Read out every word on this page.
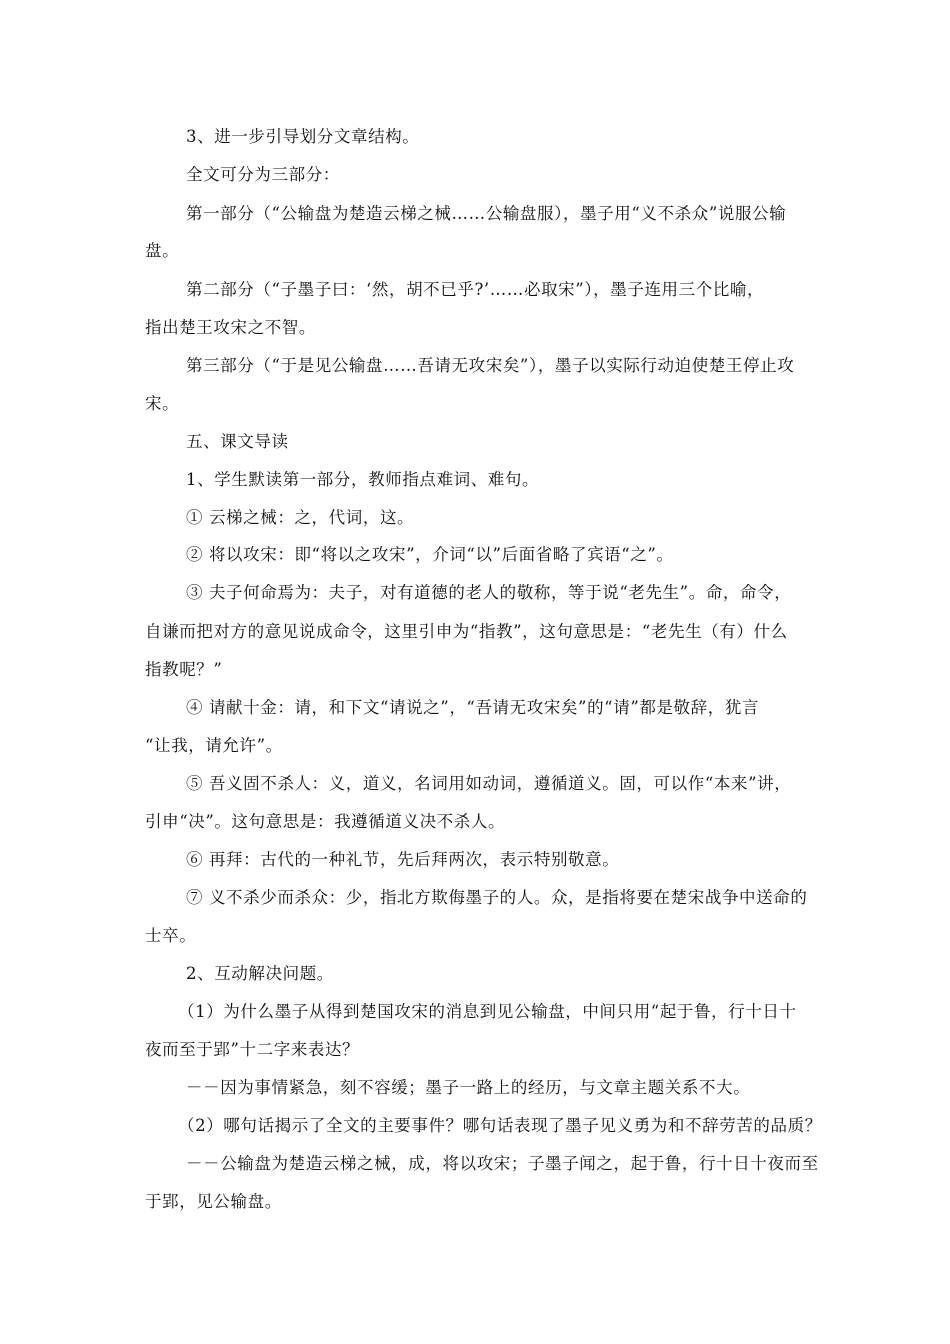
3、进一步引导划分文章结构。
全文可分为三部分：
第一部分（“公输盘为楚造云梯之械……公输盘服），墨子用“义不杀众”说服公输
盘。
第二部分（“子墨子曰：‘然，胡不已乎?’……必取宋”），墨子连用三个比喻，
指出楚王攻宋之不智。
第三部分（“于是见公输盘……吾请无攻宋矣”），墨子以实际行动迫使楚王停止攻
宋。
五、课文导读
1、学生默读第一部分，教师指点难词、难句。
① 云梯之械：之，代词，这。
② 将以攻宋：即“将以之攻宋”，介词“以”后面省略了宾语“之”。
③ 夫子何命焉为：夫子，对有道德的老人的敬称，等于说“老先生”。命，命令，
自谦而把对方的意见说成命令，这里引申为“指教”，这句意思是：“老先生（有）什么
指教呢？”
④ 请献十金：请，和下文“请说之”，“吾请无攻宋矣”的“请”都是敬辞，犹言
“让我，请允许”。
⑤ 吾义固不杀人：义，道义，名词用如动词，遵循道义。固，可以作“本来”讲，
引申“决”。这句意思是：我遵循道义决不杀人。
⑥ 再拜：古代的一种礼节，先后拜两次，表示特别敬意。
⑦ 义不杀少而杀众：少，指北方欺侮墨子的人。众，是指将要在楚宋战争中送命的
士卒。
2、互动解决问题。
（1）为什么墨子从得到楚国攻宋的消息到见公输盘，中间只用“起于鲁，行十日十
夜而至于郢”十二字来表达？
－－因为事情紧急，刻不容缓；墨子一路上的经历，与文章主题关系不大。
（2）哪句话揭示了全文的主要事件？哪句话表现了墨子见义勇为和不辞劳苦的品质？
－－公输盘为楚造云梯之械，成，将以攻宋；子墨子闻之，起于鲁，行十日十夜而至
于郢，见公输盘。
